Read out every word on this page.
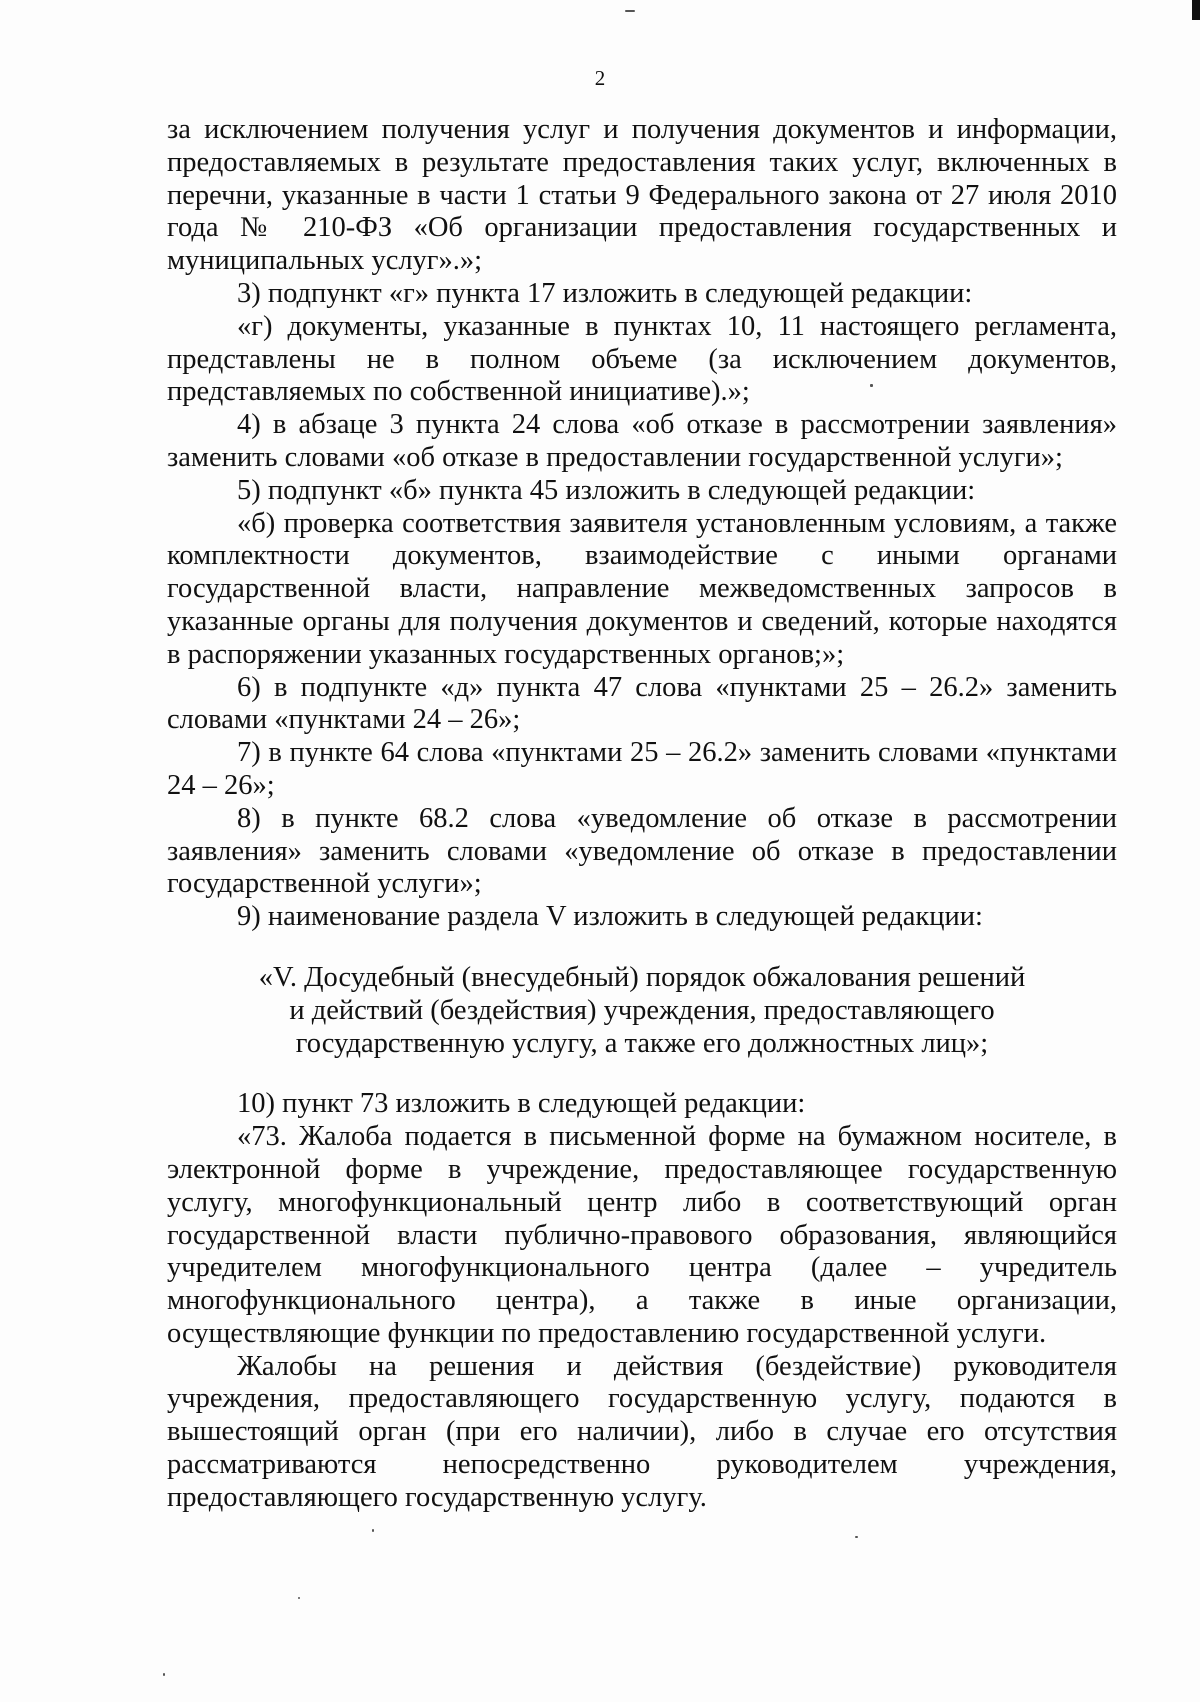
2

за исключением получения услуг и получения документов и информации, предоставляемых в результате предоставления таких услуг, включенных в перечни, указанные в части 1 статьи 9 Федерального закона от 27 июля 2010 года № 210-ФЗ «Об организации предоставления государственных и муниципальных услуг».»;

3) подпункт «г» пункта 17 изложить в следующей редакции:

«г) документы, указанные в пунктах 10, 11 настоящего регламента, представлены не в полном объеме (за исключением документов, представляемых по собственной инициативе).»;

4) в абзаце 3 пункта 24 слова «об отказе в рассмотрении заявления» заменить словами «об отказе в предоставлении государственной услуги»;

5) подпункт «б» пункта 45 изложить в следующей редакции:

«б) проверка соответствия заявителя установленным условиям, а также комплектности документов, взаимодействие с иными органами государственной власти, направление межведомственных запросов в указанные органы для получения документов и сведений, которые находятся в распоряжении указанных государственных органов;»;

6) в подпункте «д» пункта 47 слова «пунктами 25 – 26.2» заменить словами «пунктами 24 – 26»;

7) в пункте 64 слова «пунктами 25 – 26.2» заменить словами «пунктами 24 – 26»;

8) в пункте 68.2 слова «уведомление об отказе в рассмотрении заявления» заменить словами «уведомление об отказе в предоставлении государственной услуги»;

9) наименование раздела V изложить в следующей редакции:

«V. Досудебный (внесудебный) порядок обжалования решений
и действий (бездействия) учреждения, предоставляющего
государственную услугу, а также его должностных лиц»;

10) пункт 73 изложить в следующей редакции:

«73. Жалоба подается в письменной форме на бумажном носителе, в электронной форме в учреждение, предоставляющее государственную услугу, многофункциональный центр либо в соответствующий орган государственной власти публично-правового образования, являющийся учредителем многофункционального центра (далее – учредитель многофункционального центра), а также в иные организации, осуществляющие функции по предоставлению государственной услуги.

Жалобы на решения и действия (бездействие) руководителя учреждения, предоставляющего государственную услугу, подаются в вышестоящий орган (при его наличии), либо в случае его отсутствия рассматриваются непосредственно руководителем учреждения, предоставляющего государственную услугу.
